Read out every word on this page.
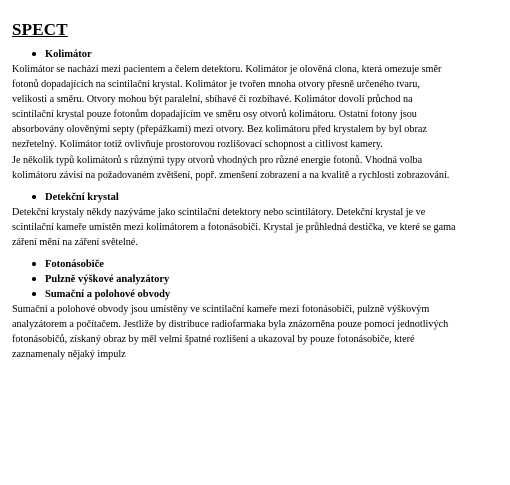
SPECT
Kolimátor

Kolimátor se nachází mezi pacientem a čelem detektoru. Kolimátor je olověná clona, která omezuje směr
fotonů dopadajících na scintilační krystal. Kolimátor je tvořen mnoha otvory přesně určeného tvaru,
velikosti a směru. Otvory mohou být paralelní, sbíhavé či rozbíhavé. Kolimátor dovolí průchod na
scintilační krystal pouze fotonům dopadajícím ve směru osy otvorů kolimátoru. Ostatní fotony jsou
absorbovány olověnými septy (přepážkami) mezi otvory. Bez kolimátoru před krystalem by byl obraz
nezřetelný. Kolimátor totiž ovlivňuje prostorovou rozlišovací schopnost a citlivost kamery.

Je několik typů kolimátorů s různými typy otvorů vhodných pro různé energie fotonů. Vhodná volba
kolimátoru závisí na požadovaném zvětšení, popř. zmenšení zobrazení a na kvalitě a rychlosti zobrazování.

Detekční krystal

Detekční krystaly někdy nazýváme jako scintilační detektory nebo scintilátory. Detekční krystal je ve
scintilační kameře umístěn mezi kolimátorem a fotonásobiči. Krystal je průhledná destička, ve které se gama
záření mění na záření světelné.

Fotonásobiče
Pulzně výškové analyzátory
Sumační a polohové obvody

Sumační a polohové obvody jsou umístěny ve scintilační kameře mezi fotonásobiči, pulzně výškovým
analyzátorem a počítačem. Jestliže by distribuce radiofarmaka byla znázorněna pouze pomocí jednotlivých
fotonásobičů, získaný obraz by měl velmi špatné rozlišení a ukazoval by pouze fotonásobiče, které
zaznamenaly nějaký impulz
